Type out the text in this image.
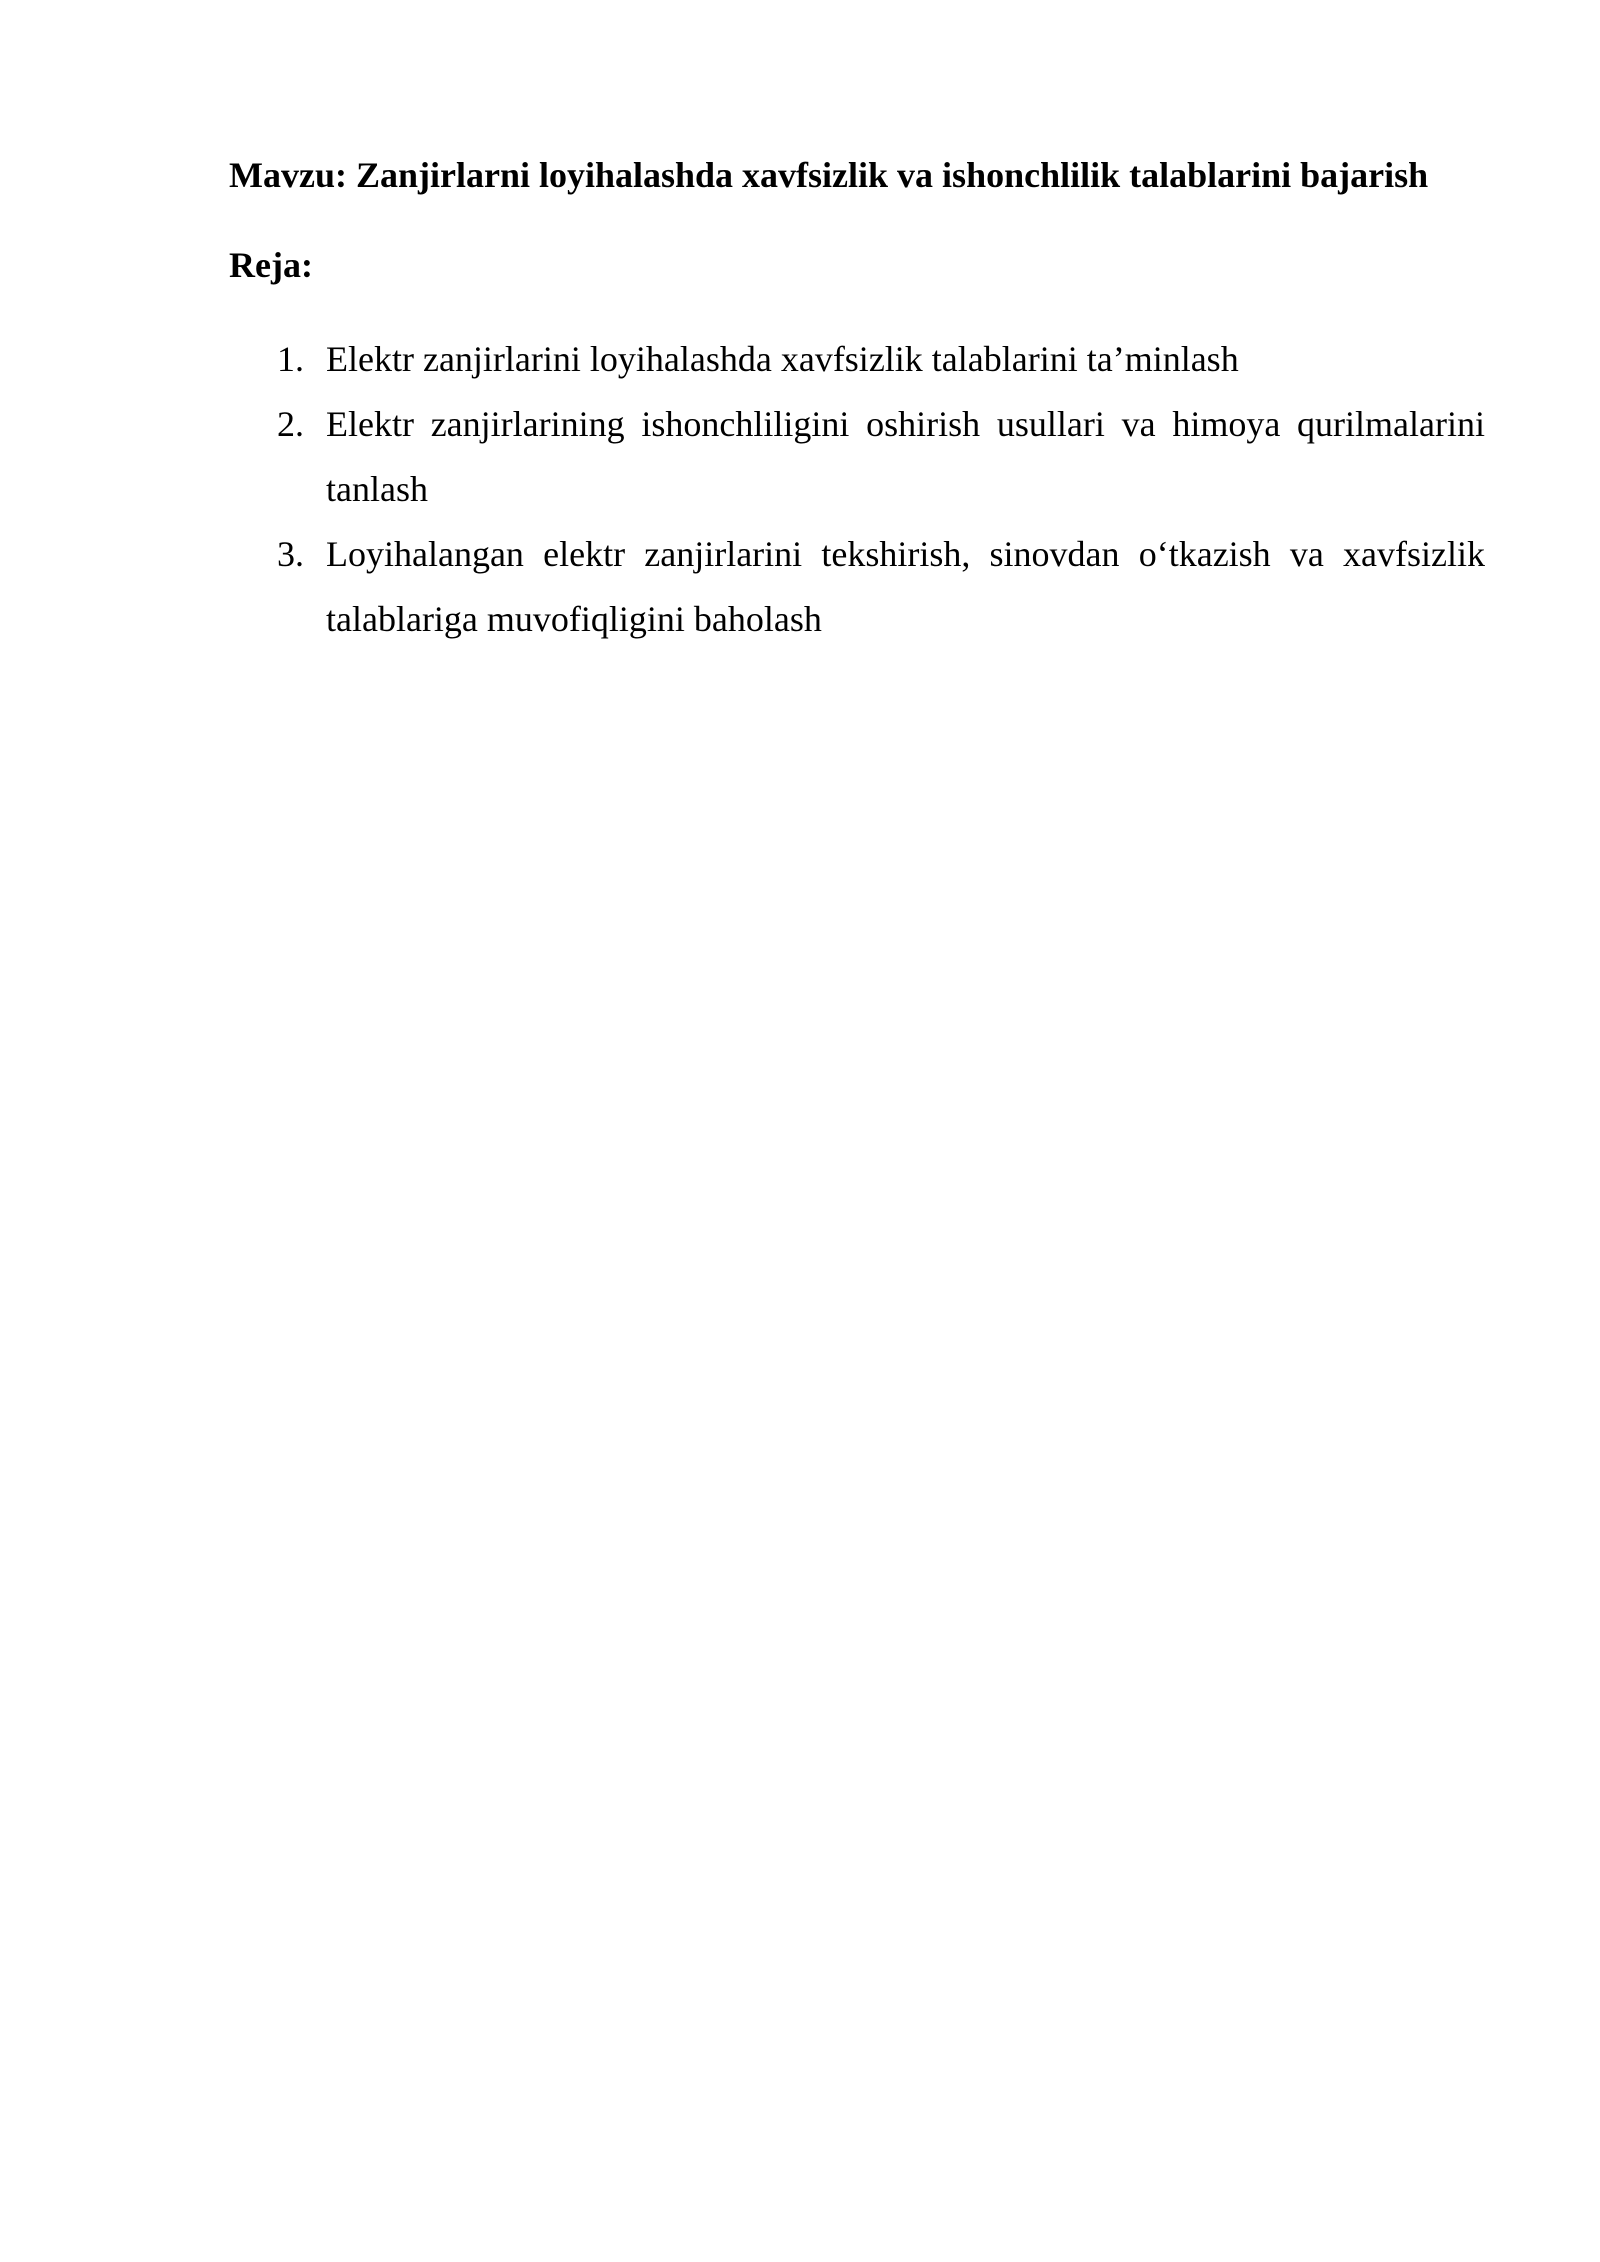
Mavzu: Zanjirlarni loyihalashda xavfsizlik va ishonchlilik talablarini bajarish

Reja:

1. Elektr zanjirlarini loyihalashda xavfsizlik talablarini ta’minlash
2. Elektr zanjirlarining ishonchliligini oshirish usullari va himoya qurilmalarini tanlash
3. Loyihalangan elektr zanjirlarini tekshirish, sinovdan o‘tkazish va xavfsizlik talablariga muvofiqligini baholash
